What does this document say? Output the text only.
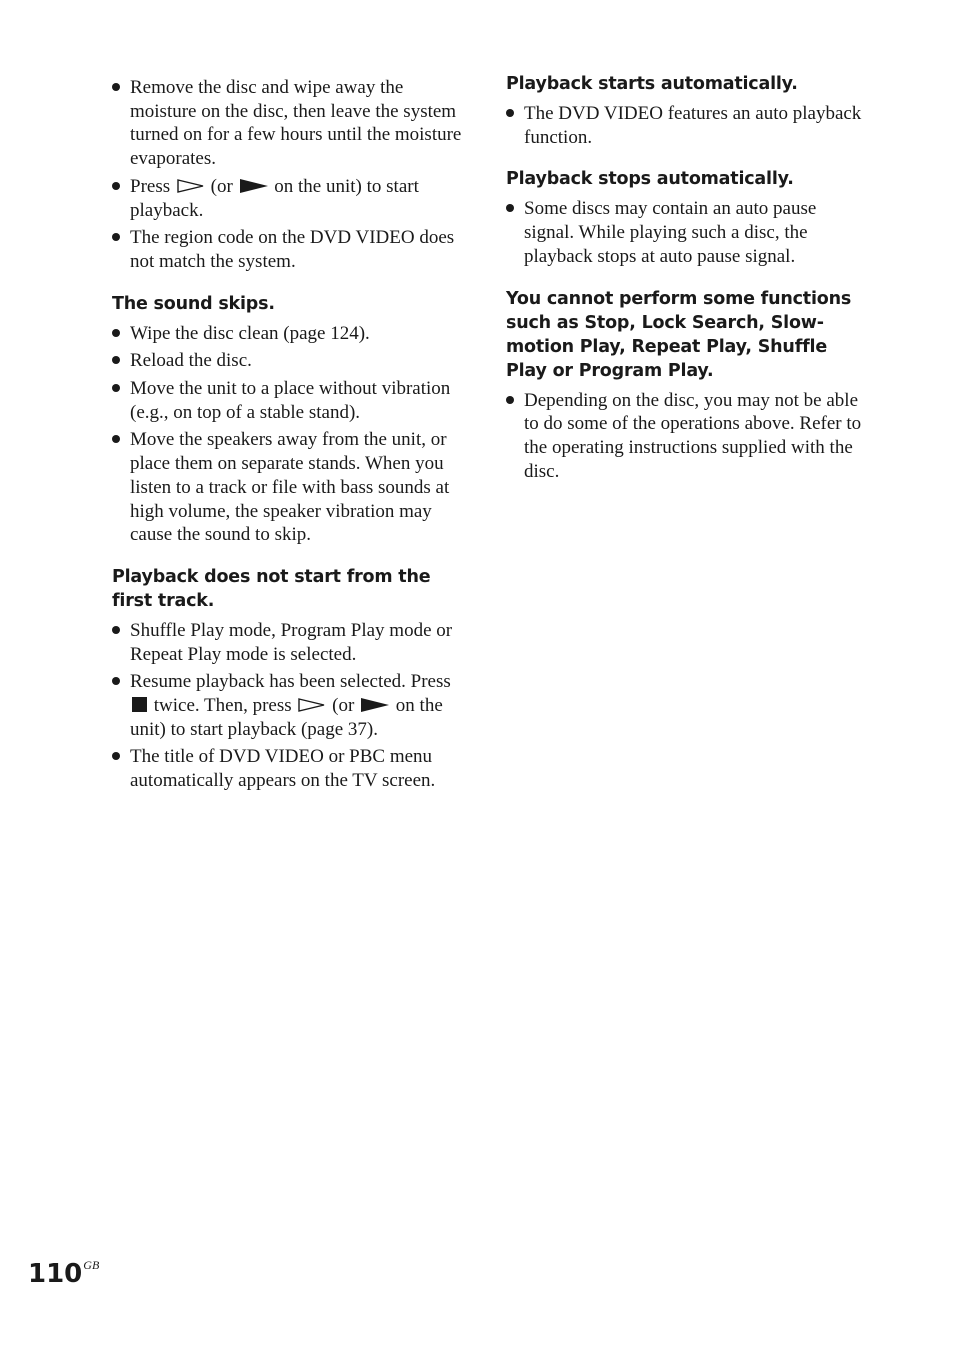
Remove the disc and wipe away the moisture on the disc, then leave the system turned on for a few hours until the moisture evaporates.
Press (or on the unit) to start playback.
The region code on the DVD VIDEO does not match the system.
The sound skips.
Wipe the disc clean (page 124).
Reload the disc.
Move the unit to a place without vibration (e.g., on top of a stable stand).
Move the speakers away from the unit, or place them on separate stands. When you listen to a track or file with bass sounds at high volume, the speaker vibration may cause the sound to skip.
Playback does not start from the first track.
Shuffle Play mode, Program Play mode or Repeat Play mode is selected.
Resume playback has been selected. Press  twice. Then, press (or on the unit) to start playback (page 37).
The title of DVD VIDEO or PBC menu automatically appears on the TV screen.
Playback starts automatically.
The DVD VIDEO features an auto playback function.
Playback stops automatically.
Some discs may contain an auto pause signal. While playing such a disc, the playback stops at auto pause signal.
You cannot perform some functions such as Stop, Lock Search, Slow-motion Play, Repeat Play, Shuffle Play or Program Play.
Depending on the disc, you may not be able to do some of the operations above. Refer to the operating instructions supplied with the disc.
$110^{GB}$
